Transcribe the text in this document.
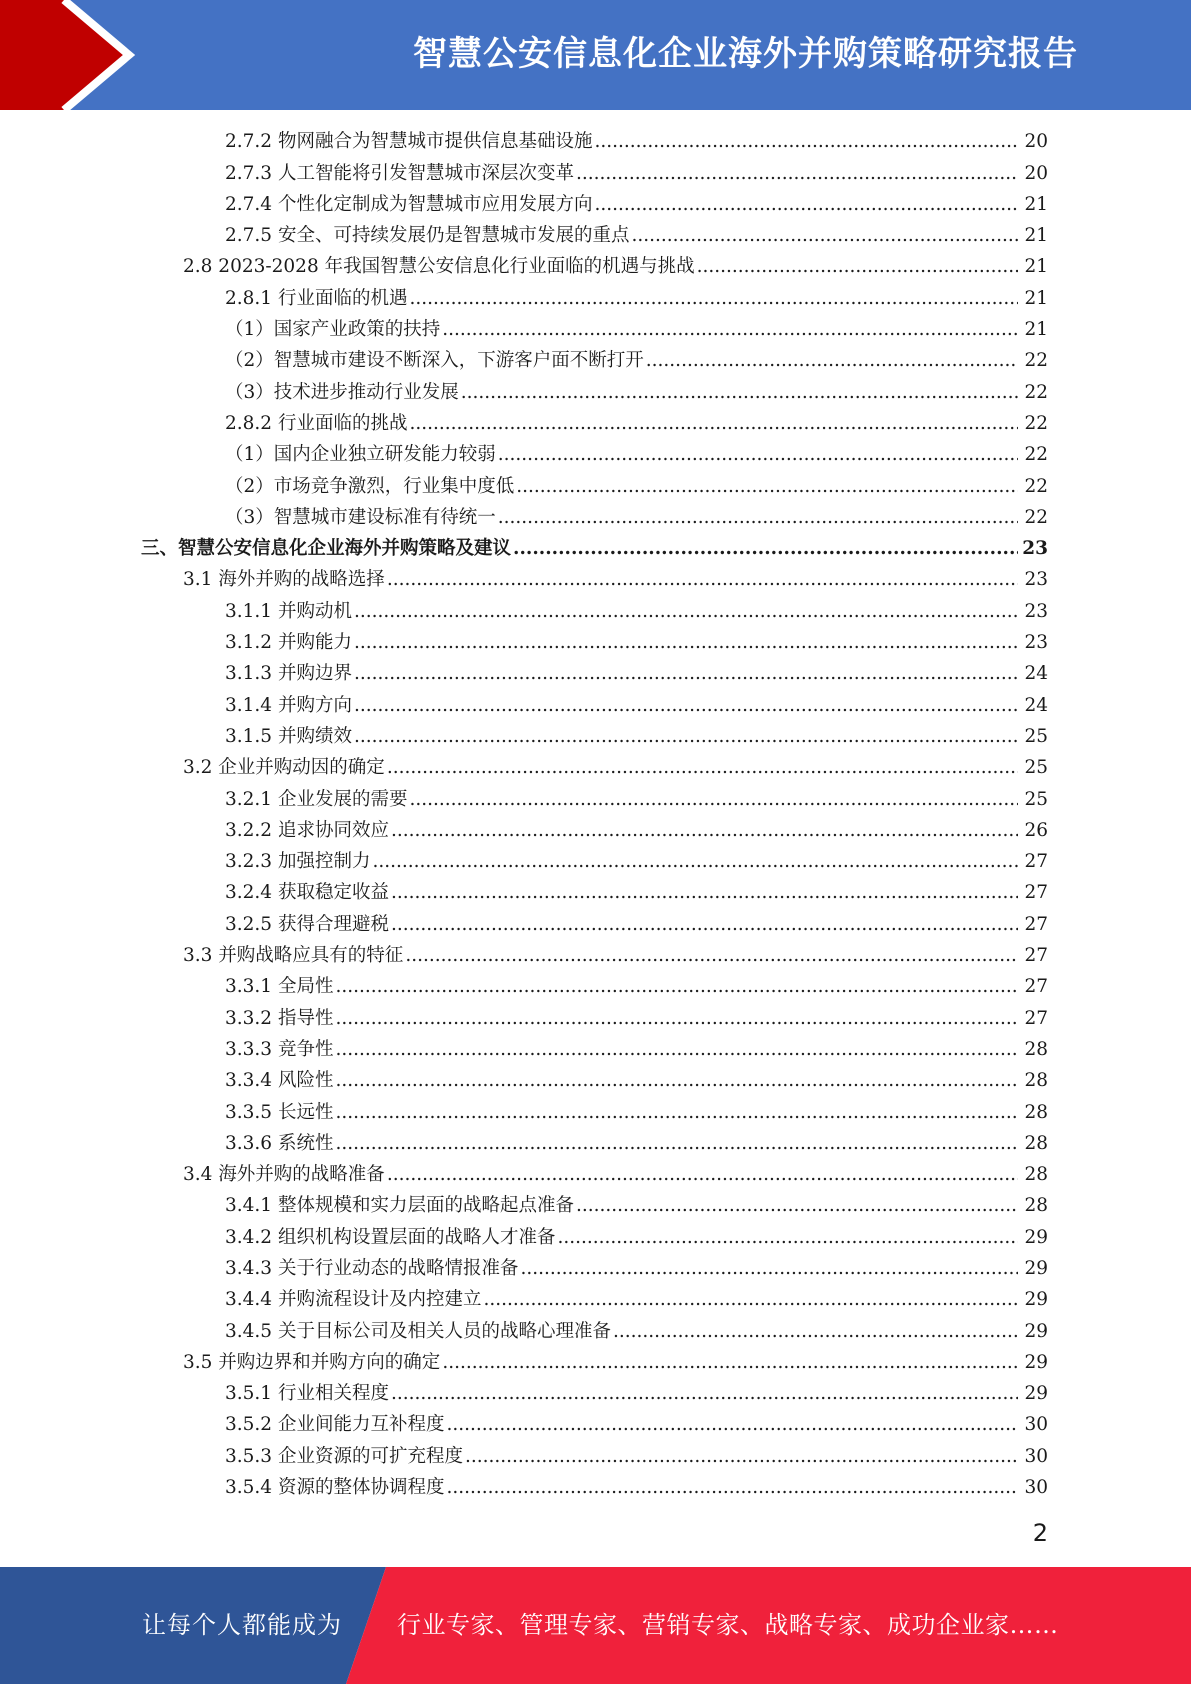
智慧公安信息化企业海外并购策略研究报告
2.7.2 物网融合为智慧城市提供信息基础设施 .....	20
2.7.3 人工智能将引发智慧城市深层次变革 .....	20
2.7.4 个性化定制成为智慧城市应用发展方向 .....	21
2.7.5 安全、可持续发展仍是智慧城市发展的重点 .....	21
2.8 2023-2028 年我国智慧公安信息化行业面临的机遇与挑战 .....	21
2.8.1 行业面临的机遇 .....	21
（1）国家产业政策的扶持 .....	21
（2）智慧城市建设不断深入，下游客户面不断打开 .....	22
（3）技术进步推动行业发展 .....	22
2.8.2 行业面临的挑战 .....	22
（1）国内企业独立研发能力较弱 .....	22
（2）市场竞争激烈，行业集中度低 .....	22
（3）智慧城市建设标准有待统一 .....	22
三、智慧公安信息化企业海外并购策略及建议 .....	23
3.1 海外并购的战略选择 .....	23
3.1.1 并购动机 .....	23
3.1.2 并购能力 .....	23
3.1.3 并购边界 .....	24
3.1.4 并购方向 .....	24
3.1.5 并购绩效 .....	25
3.2 企业并购动因的确定 .....	25
3.2.1 企业发展的需要 .....	25
3.2.2 追求协同效应 .....	26
3.2.3 加强控制力 .....	27
3.2.4 获取稳定收益 .....	27
3.2.5 获得合理避税 .....	27
3.3 并购战略应具有的特征 .....	27
3.3.1 全局性 .....	27
3.3.2 指导性 .....	27
3.3.3 竞争性 .....	28
3.3.4 风险性 .....	28
3.3.5 长远性 .....	28
3.3.6 系统性 .....	28
3.4 海外并购的战略准备 .....	28
3.4.1 整体规模和实力层面的战略起点准备 .....	28
3.4.2 组织机构设置层面的战略人才准备 .....	29
3.4.3 关于行业动态的战略情报准备 .....	29
3.4.4 并购流程设计及内控建立 .....	29
3.4.5 关于目标公司及相关人员的战略心理准备 .....	29
3.5 并购边界和并购方向的确定 .....	29
3.5.1 行业相关程度 .....	29
3.5.2 企业间能力互补程度 .....	30
3.5.3 企业资源的可扩充程度 .....	30
3.5.4 资源的整体协调程度 .....	30
2
让每个人都能成为 行业专家、管理专家、营销专家、战略专家、成功企业家……
